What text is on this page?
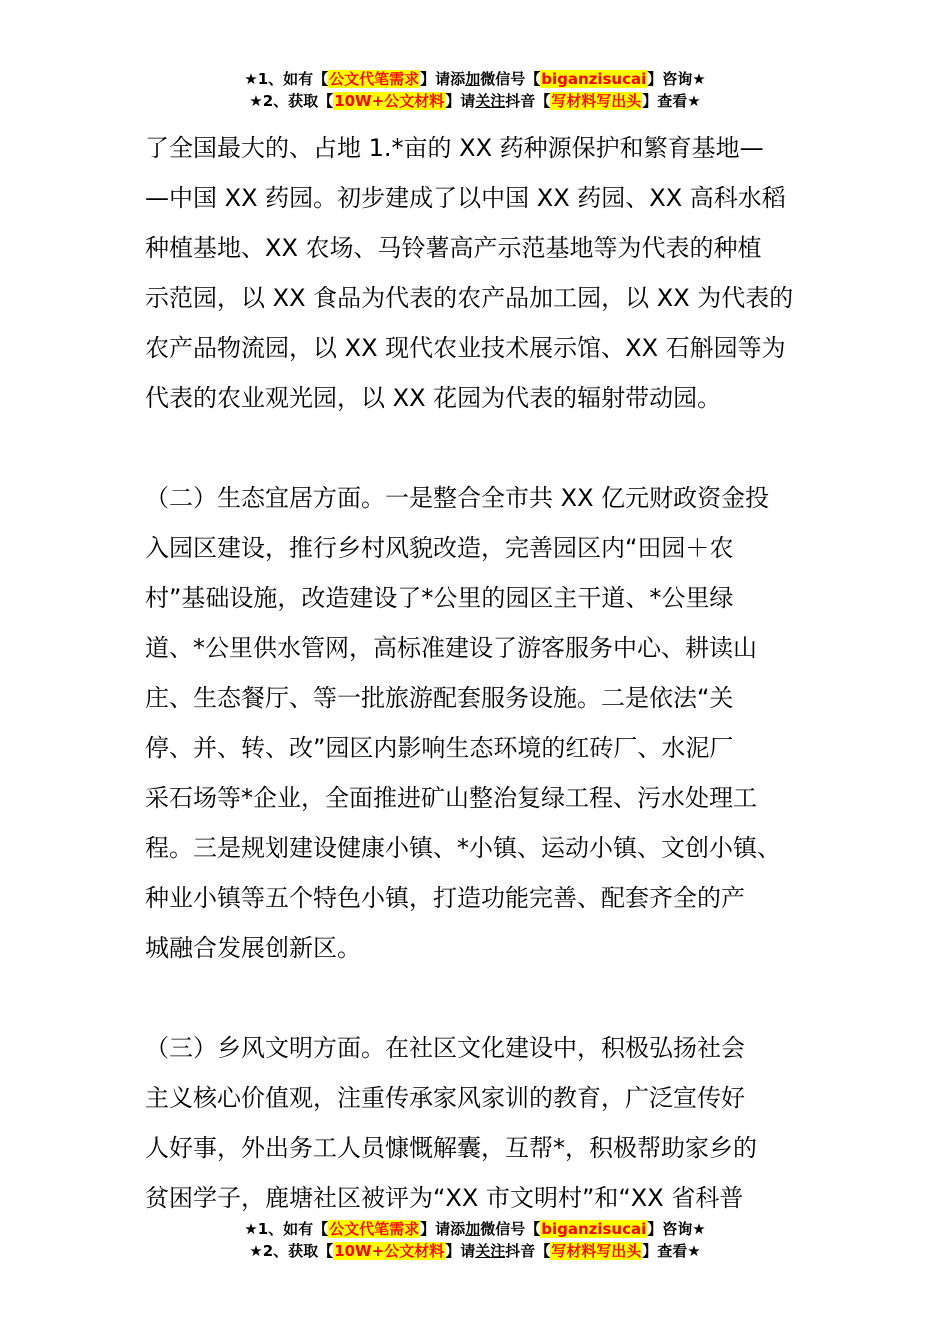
★1、如有【公文代笔需求】请添加微信号【biganzisucai】咨询★
★2、获取【10W+公文材料】请关注抖音【写材料写出头】查看★
了全国最大的、占地 1.*亩的 XX 药种源保护和繁育基地—
—中国 XX 药园。初步建成了以中国 XX 药园、XX 高科水稻
种植基地、XX 农场、马铃薯高产示范基地等为代表的种植
示范园，以 XX 食品为代表的农产品加工园，以 XX 为代表的
农产品物流园，以 XX 现代农业技术展示馆、XX 石斛园等为
代表的农业观光园，以 XX 花园为代表的辐射带动园。
（二）生态宜居方面。一是整合全市共 XX 亿元财政资金投
入园区建设，推行乡村风貌改造，完善园区内“田园＋农
村”基础设施，改造建设了*公里的园区主干道、*公里绿
道、*公里供水管网，高标准建设了游客服务中心、耕读山
庄、生态餐厅、等一批旅游配套服务设施。二是依法“关
停、并、转、改”园区内影响生态环境的红砖厂、水泥厂
采石场等*企业，全面推进矿山整治复绿工程、污水处理工
程。三是规划建设健康小镇、*小镇、运动小镇、文创小镇、
种业小镇等五个特色小镇，打造功能完善、配套齐全的产
城融合发展创新区。
（三）乡风文明方面。在社区文化建设中，积极弘扬社会
主义核心价值观，注重传承家风家训的教育，广泛宣传好
人好事，外出务工人员慷慨解囊，互帮*，积极帮助家乡的
贫困学子，鹿塘社区被评为“XX 市文明村”和“XX 省科普
★1、如有【公文代笔需求】请添加微信号【biganzisucai】咨询★
★2、获取【10W+公文材料】请关注抖音【写材料写出头】查看★
